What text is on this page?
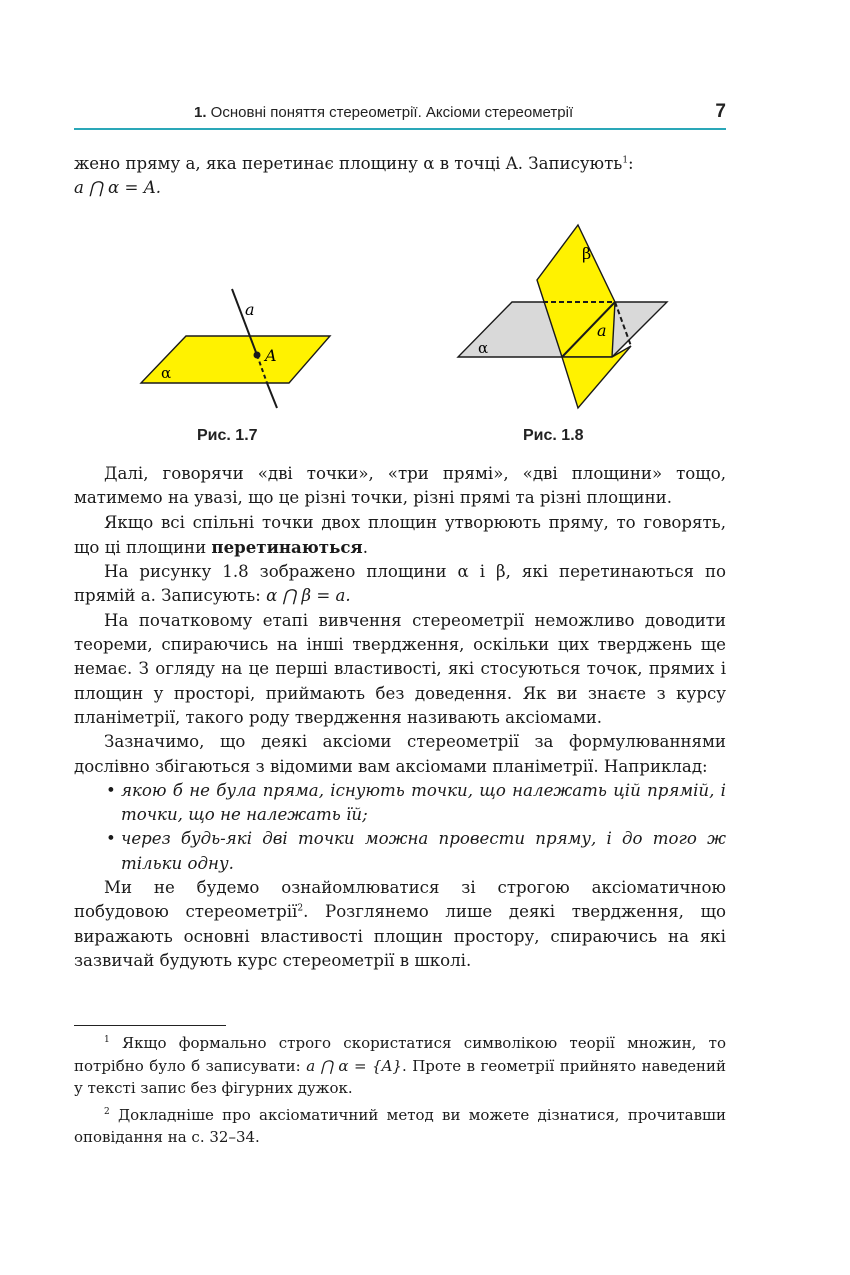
1. Основні поняття стереометрії. Аксіоми стереометрії	7

жено пряму a, яка перетинає площину α в точці A. Записують$^1$:

a ⋂ α = A.

a
A
α
β
a
α
Рис. 1.7	Рис. 1.8

Далі, говорячи «дві точки», «три прямі», «дві площини» тощо, матимемо на увазі, що це різні точки, різні прямі та різні площини.

Якщо всі спільні точки двох площин утворюють пряму, то говорять, що ці площини перетинаються.

На рисунку 1.8 зображено площини α і β, які перетинаються по прямій a. Записують: α ⋂ β = a.

На початковому етапі вивчення стереометрії неможливо доводити теореми, спираючись на інші твердження, оскільки цих тверджень ще немає. З огляду на це перші властивості, які стосуються точок, прямих і площин у просторі, приймають без доведення. Як ви знаєте з курсу планіметрії, такого роду твердження називають аксіомами.

Зазначимо, що деякі аксіоми стереометрії за формулюваннями дослівно збігаються з відомими вам аксіомами планіметрії. Наприклад:

• якою б не була пряма, існують точки, що належать цій прямій, і точки, що не належать їй;
• через будь-які дві точки можна провести пряму, і до того ж тільки одну.

Ми не будемо ознайомлюватися зі строгою аксіоматичною побудовою стереометрії$^2$. Розглянемо лише деякі твердження, що виражають основні властивості площин простору, спираючись на які зазвичай будують курс стереометрії в школі.

$^1$ Якщо формально строго скористатися символікою теорії множин, то потрібно було б записувати: a ⋂ α = {A}. Проте в геометрії прийнято наведений у тексті запис без фігурних дужок.

$^2$ Докладніше про аксіоматичний метод ви можете дізнатися, прочитавши оповідання на с. 32–34.
